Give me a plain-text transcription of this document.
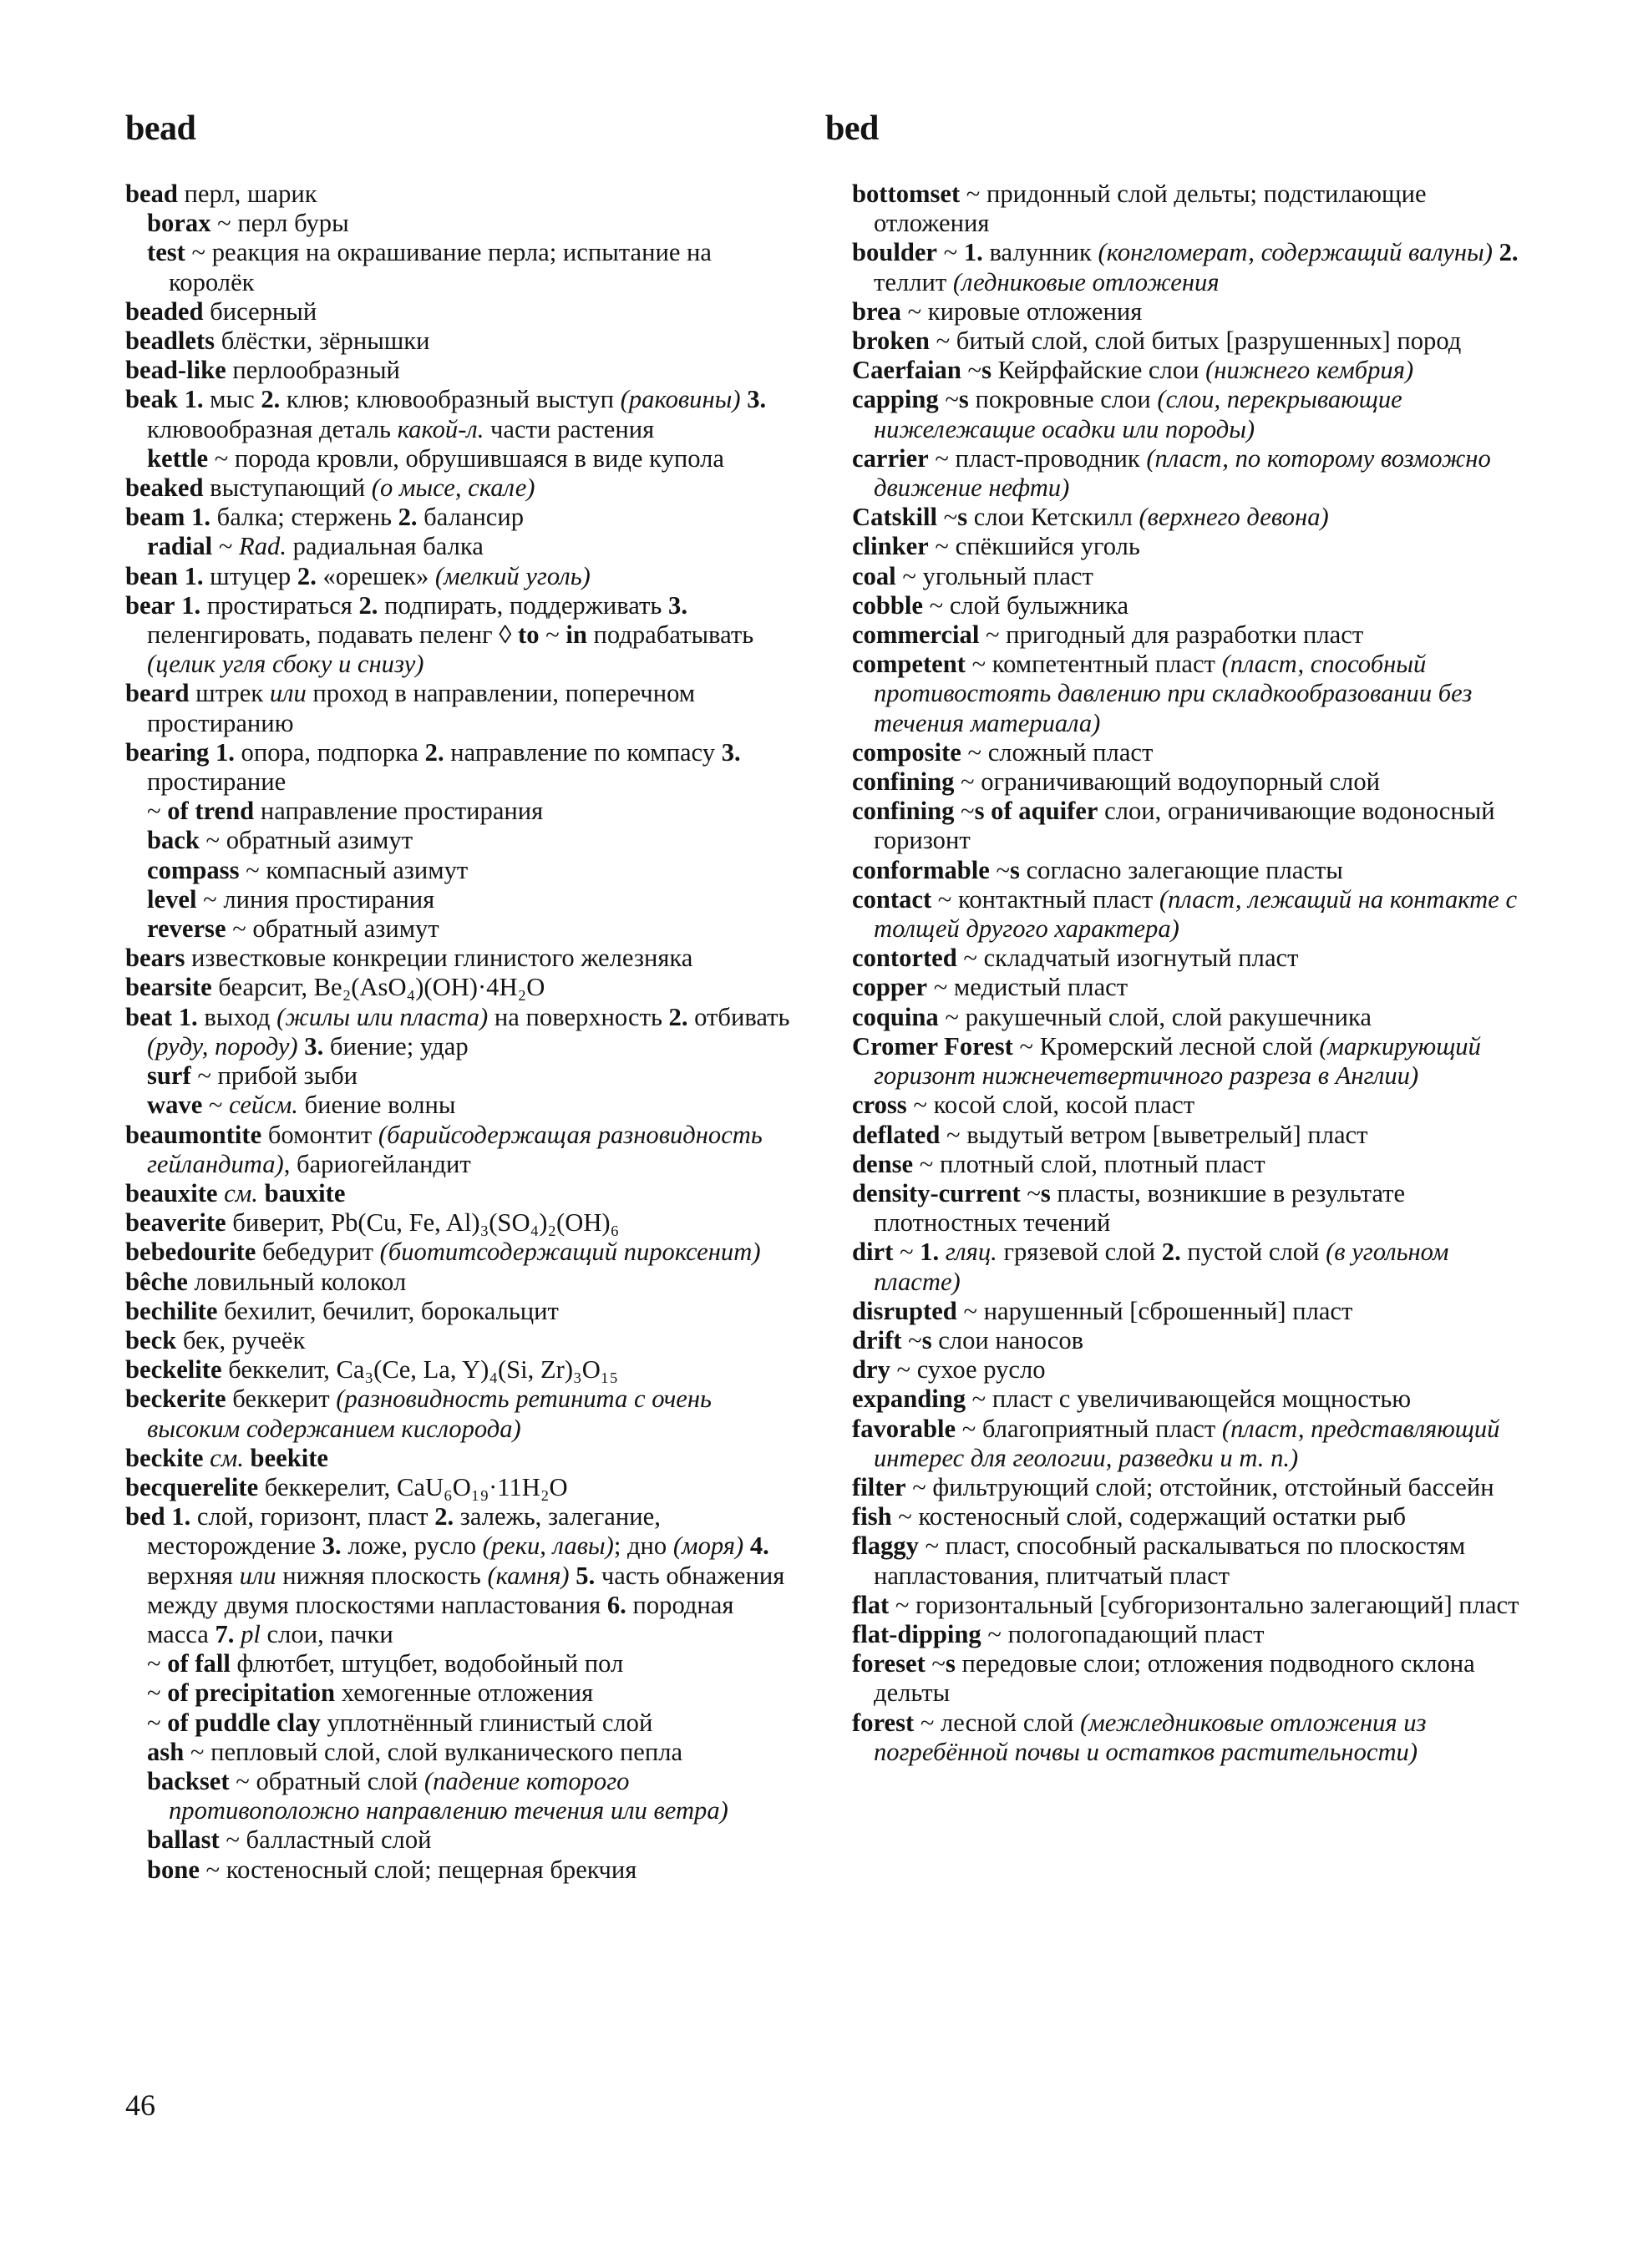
bead	bed

bead перл, шарик

borax ~ перл буры

test ~ реакция на окрашивание перла; испытание на королёк

beaded бисерный

beadlets блёстки, зёрнышки

bead-like перлообразный

beak 1. мыс 2. клюв; клювообразный выступ (раковины) 3. клювообразная деталь какой-л. части растения

kettle ~ порода кровли, обрушившаяся в виде купола

beaked выступающий (о мысе, скале)

beam 1. балка; стержень 2. балансир

radial ~ Rad. радиальная балка

bean 1. штуцер 2. «орешек» (мелкий уголь)

bear 1. простираться 2. подпирать, поддерживать 3. пеленгировать, подавать пеленг ◊ to ~ in подрабатывать (целик угля сбоку и снизу)

beard штрек или проход в направлении, поперечном простиранию

bearing 1. опора, подпорка 2. направление по компасу 3. простирание

~ of trend направление простирания

back ~ обратный азимут

compass ~ компасный азимут

level ~ линия простирания

reverse ~ обратный азимут

bears известковые конкреции глинистого железняка

bearsite беарсит, Be₂(AsO₄)(OH)·4H₂O

beat 1. выход (жилы или пласта) на поверхность 2. отбивать (руду, породу) 3. биение; удар

surf ~ прибой зыби

wave ~ сейсм. биение волны

beaumontite бомонтит (барийсодержащая разновидность гейландита), бариогейландит

beauxite см. bauxite

beaverite биверит, Pb(Cu, Fe, Al)₃(SO₄)₂(OH)₆

bebedourite бебедурит (биотитсодержащий пироксенит)

bêche ловильный колокол

bechilite бехилит, бечилит, борокальцит

beck бек, ручеёк

beckelite беккелит, Ca₃(Ce, La, Y)₄(Si, Zr)₃O₁₅

beckerite беккерит (разновидность ретинита с очень высоким содержанием кислорода)

beckite см. beekite

becquerelite беккерелит, CaU₆O₁₉·11H₂O

bed 1. слой, горизонт, пласт 2. залежь, залегание, месторождение 3. ложе, русло (реки, лавы); дно (моря) 4. верхняя или нижняя плоскость (камня) 5. часть обнажения между двумя плоскостями напластования 6. породная масса 7. pl слои, пачки

~ of fall флютбет, штуцбет, водобойный пол

~ of precipitation хемогенные отложения

~ of puddle clay уплотнённый глинистый слой

ash ~ пепловый слой, слой вулканического пепла

backset ~ обратный слой (падение которого противоположно направлению течения или ветра)

ballast ~ балластный слой

bone ~ костеносный слой; пещерная брекчия

bottomset ~ придонный слой дельты; подстилающие отложения

boulder ~ 1. валунник (конгломерат, содержащий валуны) 2. теллит (ледниковые отложения

brea ~ кировые отложения

broken ~ битый слой, слой битых [разрушенных] пород

Caerfaian ~s Кейрфайские слои (нижнего кембрия)

capping ~s покровные слои (слои, перекрывающие нижележащие осадки или породы)

carrier ~ пласт-проводник (пласт, по которому возможно движение нефти)

Catskill ~s слои Кетскилл (верхнего девона)

clinker ~ спёкшийся уголь

coal ~ угольный пласт

cobble ~ слой булыжника

commercial ~ пригодный для разработки пласт

competent ~ компетентный пласт (пласт, способный противостоять давлению при складкообразовании без течения материала)

composite ~ сложный пласт

confining ~ ограничивающий водоупорный слой

confining ~s of aquifer слои, ограничивающие водоносный горизонт

conformable ~s согласно залегающие пласты

contact ~ контактный пласт (пласт, лежащий на контакте с толщей другого характера)

contorted ~ складчатый изогнутый пласт

copper ~ медистый пласт

coquina ~ ракушечный слой, слой ракушечника

Cromer Forest ~ Кромерский лесной слой (маркирующий горизонт нижнечетвертичного разреза в Англии)

cross ~ косой слой, косой пласт

deflated ~ выдутый ветром [выветрелый] пласт

dense ~ плотный слой, плотный пласт

density-current ~s пласты, возникшие в результате плотностных течений

dirt ~ 1. гляц. грязевой слой 2. пустой слой (в угольном пласте)

disrupted ~ нарушенный [сброшенный] пласт

drift ~s слои наносов

dry ~ сухое русло

expanding ~ пласт с увеличивающейся мощностью

favorable ~ благоприятный пласт (пласт, представляющий интерес для геологии, разведки и т. п.)

filter ~ фильтрующий слой; отстойник, отстойный бассейн

fish ~ костеносный слой, содержащий остатки рыб

flaggy ~ пласт, способный раскалываться по плоскостям напластования, плитчатый пласт

flat ~ горизонтальный [субгоризонтально залегающий] пласт

flat-dipping ~ пологопадающий пласт

foreset ~s передовые слои; отложения подводного склона дельты

forest ~ лесной слой (межледниковые отложения из погребённой почвы и остатков растительности)

46
